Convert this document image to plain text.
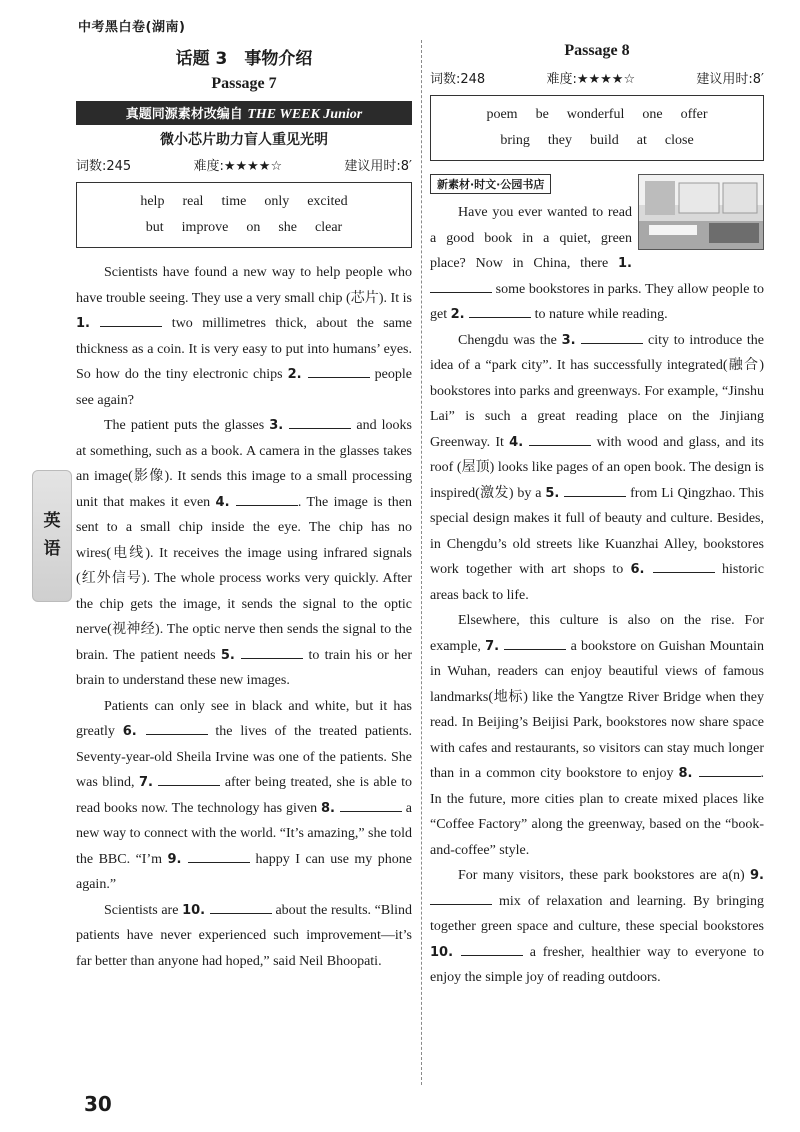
中考黑白卷(湖南)
英
语
话题 3　事物介绍
Passage 7
真题同源素材改编自 THE WEEK Junior
微小芯片助力盲人重见光明
词数:245	难度:★★★★☆	建议用时:8′
help real time only excited
but improve on she clear

Scientists have found a new way to help people who have trouble seeing. They use a very small chip (芯片). It is 1.	two millimetres thick, about the same thickness as a coin. It is very easy to put into humans’ eyes. So how do the tiny electronic chips 2.	people see again?

The patient puts the glasses 3.	and looks at something, such as a book. A camera in the glasses takes an image(影像). It sends this image to a small processing unit that makes it even 4.	. The image is then sent to a small chip inside the eye. The chip has no wires(电线). It receives the image using infrared signals (红外信号). The whole process works very quickly. After the chip gets the image, it sends the signal to the optic nerve(视神经). The optic nerve then sends the signal to the brain. The patient needs 5.	to train his or her brain to understand these new images.

Patients can only see in black and white, but it has greatly 6.	the lives of the treated patients. Seventy-year-old Sheila Irvine was one of the patients. She was blind, 7.	after being treated, she is able to read books now. The technology has given 8.	a new way to connect with the world. “It’s amazing,” she told the BBC. “I’m 9.	happy I can use my phone again.”

Scientists are 10.	about the results. “Blind patients have never experienced such improvement—it’s far better than anyone had hoped,” said Neil Bhoopati.

Passage 8
词数:248	难度:★★★★☆	建议用时:8′
poem be wonderful one offer
bring they build at close
新素材·时文·公园书店

Have you ever wanted to read a good book in a quiet, green place? Now in China, there 1.  some bookstores in parks. They allow people to get 2.	to nature while reading.

Chengdu was the 3.	city to introduce the idea of a “park city”. It has successfully integrated(融合) bookstores into parks and greenways. For example, “Jinshu Lai” is such a great reading place on the Jinjiang Greenway. It 4.	with wood and glass, and its roof (屋顶) looks like pages of an open book. The design is inspired(激发) by a 5.	from Li Qingzhao. This special design makes it full of beauty and culture. Besides, in Chengdu’s old streets like Kuanzhai Alley, bookstores work together with art shops to 6.	historic areas back to life.

Elsewhere, this culture is also on the rise. For example, 7.	a bookstore on Guishan Mountain in Wuhan, readers can enjoy beautiful views of famous landmarks(地标) like the Yangtze River Bridge when they read. In Beijing’s Beijisi Park, bookstores now share space with cafes and restaurants, so visitors can stay much longer than in a common city bookstore to enjoy 8.	. In the future, more cities plan to create mixed places like “Coffee Factory” along the greenway, based on the “book-and-coffee” style.

For many visitors, these park bookstores are a(n) 9.  mix of relaxation and learning. By bringing together green space and culture, these special bookstores 10.	a fresher, healthier way to everyone to enjoy the simple joy of reading outdoors.

30
